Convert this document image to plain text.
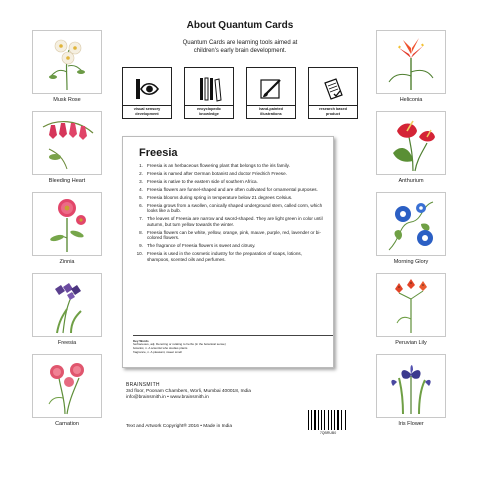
Musk Rose
Bleeding Heart
Zinnia
Freesia
Carnation
Heliconia
Anthurium
Morning Glory
Peruvian Lily
Iris Flower
About Quantum Cards
Quantum Cards are learning tools aimed at
children's early brain development.
visual sensory
development
encyclopedic
knowledge
hand-painted
illustrations
research based
product
Freesia
1. Freesia is an herbaceous flowering plant that belongs to the iris family.
2. Freesia is named after German botanist and doctor Friedrich Freese.
3. Freesia is native to the eastern side of southern Africa.
4. Freesia flowers are funnel-shaped and are often cultivated for ornamental purposes.
5. Freesia blooms during spring in temperature below 21 degrees Celsius.
6. Freesia grows from a swollen, conically shaped underground stem, called corm, which looks like a bulb.
7. The leaves of Freesia are narrow and sword-shaped. They are light green in color until autumn, but turn yellow towards the winter.
8. Freesia flowers can be white, yellow, orange, pink, mauve, purple, red, lavender or bi-colored flowers.
9. The fragrance of Freesia flowers is sweet and citrusy.
10. Freesia is used in the cosmetic industry for the preparation of soaps, lotions, shampoos, scented oils and perfumes.
Key Words
herbaceous, adj. Denoting or relating to herbs (in the botanical sense)
botanist, n. A scientist who studies plants
fragrance, n. A pleasant, sweet smell
BRAINSMITH
3rd floor, Poonam Chambers, Worli, Mumbai 400018, India
info@brainsmith.in • www.brainsmith.in
Text and Artwork Copyright® 2016 • Made in India
7QBRUB0
